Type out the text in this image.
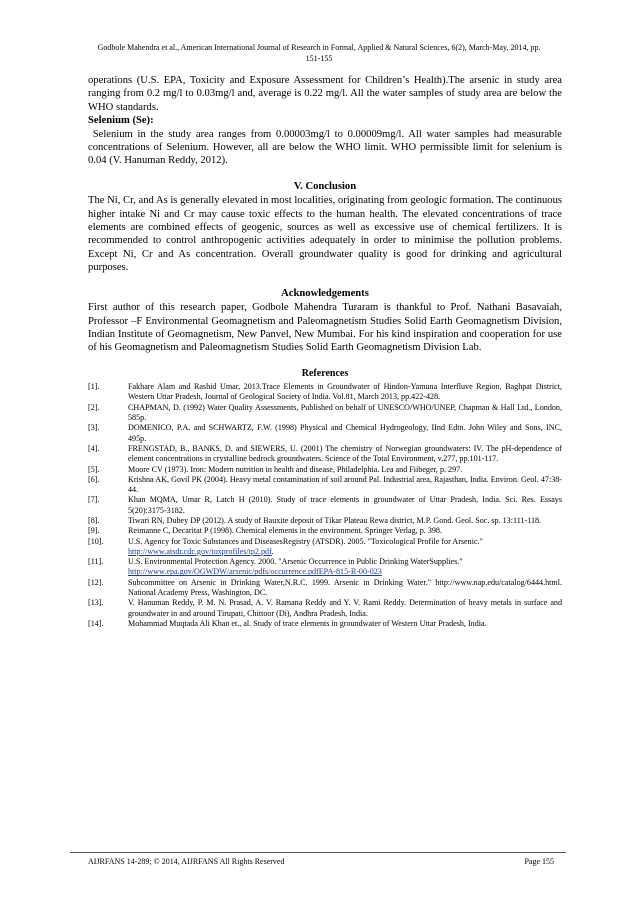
Godbole Mahendra et al., American International Journal of Research in Formal, Applied & Natural Sciences, 6(2), March-May, 2014, pp.
151-155

operations (U.S. EPA, Toxicity and Exposure Assessment for Children’s Health).The arsenic in study area ranging from 0.2 mg/l to 0.03mg/l and, average is 0.22 mg/l. All the water samples of study area are below the WHO standards.

Selenium (Se):

Selenium in the study area ranges from 0.00003mg/l to 0.00009mg/l. All water samples had measurable concentrations of Selenium. However, all are below the WHO limit. WHO permissible limit for selenium is 0.04 (V. Hanuman Reddy, 2012).

V. Conclusion

The Ni, Cr, and As is generally elevated in most localities, originating from geologic formation. The continuous higher intake Ni and Cr may cause toxic effects to the human health. The elevated concentrations of trace elements are combined effects of geogenic, sources as well as excessive use of chemical fertilizers. It is recommended to control anthropogenic activities adequately in order to minimise the pollution problems. Except Ni, Cr and As concentration. Overall groundwater quality is good for drinking and agricultural purposes.

Acknowledgements

First author of this research paper, Godbole Mahendra Turaram is thankful to Prof. Nathani Basavaiah, Professor –F Environmental Geomagnetism and Paleomagnetism Studies Solid Earth Geomagnetism Division, Indian Institute of Geomagnetism, New Panvel, New Mumbai. For his kind inspiration and cooperation for use of his Geomagnetism and Paleomagnetism Studies Solid Earth Geomagnetism Division Lab.

References
[1].	Fakhare Alam and Rashid Umar, 2013.Trace Elements in Groundwater of Hindon-Yamuna Interfluve Region, Baghpat District, Western Uttar Pradesh, Journal of Geological Society of India. Vol.81, March 2013, pp.422-428.
[2].	CHAPMAN, D. (1992) Water Quality Assessments, Published on behalf of UNESCO/WHO/UNEP, Chapman & Hall Ltd., London, 585p.
[3].	DOMENICO, P.A. and SCHWARTZ, F.W. (1998) Physical and Chemical Hydrogeology, IInd Edtn. John Wiley and Sons, INC, 495p.
[4].	FRENGSTAD, B., BANKS, D. and SIEWERS, U. (2001) The chemistry of Norwegian groundwaters: IV. The pH-dependence of element concentrations in crystalline bedrock groundwaters. Science of the Total Environment, v.277, pp.101-117.
[5].	Moore CV (1973). Iron: Modern nutrition in health and disease, Philadelphia. Lea and Fiibeger, p. 297.
[6].	Krishna AK, Govil PK (2004). Heavy metal contamination of soil around Pal. Industrial area, Rajasthan, India. Environ. Geol. 47:38-44.
[7].	Khan MQMA, Umar R, Latch H (2010). Study of trace elements in groundwater of Uttar Pradesh, India. Sci. Res. Essays 5(20):3175-3182.
[8].	Tiwari RN, Dubey DP (2012). A study of Bauxite deposit of Tikar Plateau Rewa district, M.P. Gond. Geol. Soc. sp. 13:111-118.
[9].	Reimanne C, Decaritat P (1998). Chemical elements in the environment. Springer Verlag, p. 398.
[10].	U.S. Agency for Toxic Substances and DiseasesRegistry (ATSDR). 2005. "Toxicological Profile for Arsenic."
http://www.atsdr.cdc.gov/toxprofiles/tp2.pdf.
[11].	U.S. Environmental Protection Agency. 2000. "Arsenic Occurrence in Public Drinking WaterSupplies."
http://www.epa.gov/OGWDW/arsenic/pdfs/occurrence.pdfEPA-815-R-00-023
[12].	Subcommittee on Arsenic in Drinking Water,N.R.C. 1999. Arsenic in Drinking Water." http://www.nap.edu/catalog/6444.html. National Academy Press, Washington, DC.
[13].	V. Hanuman Reddy, P. M. N. Prasad, A. V. Ramana Reddy and Y. V. Rami Reddy. Determination of heavy metals in surface and groundwater in and around Tirupati, Chittoor (Di), Andhra Pradesh, India.
[14].	Mohammad Muqtada Ali Khan et., al. Study of trace elements in groundwater of Western Uttar Pradesh, India.
AIJRFANS 14-289; © 2014, AIJRFANS All Rights Reserved	Page 155
